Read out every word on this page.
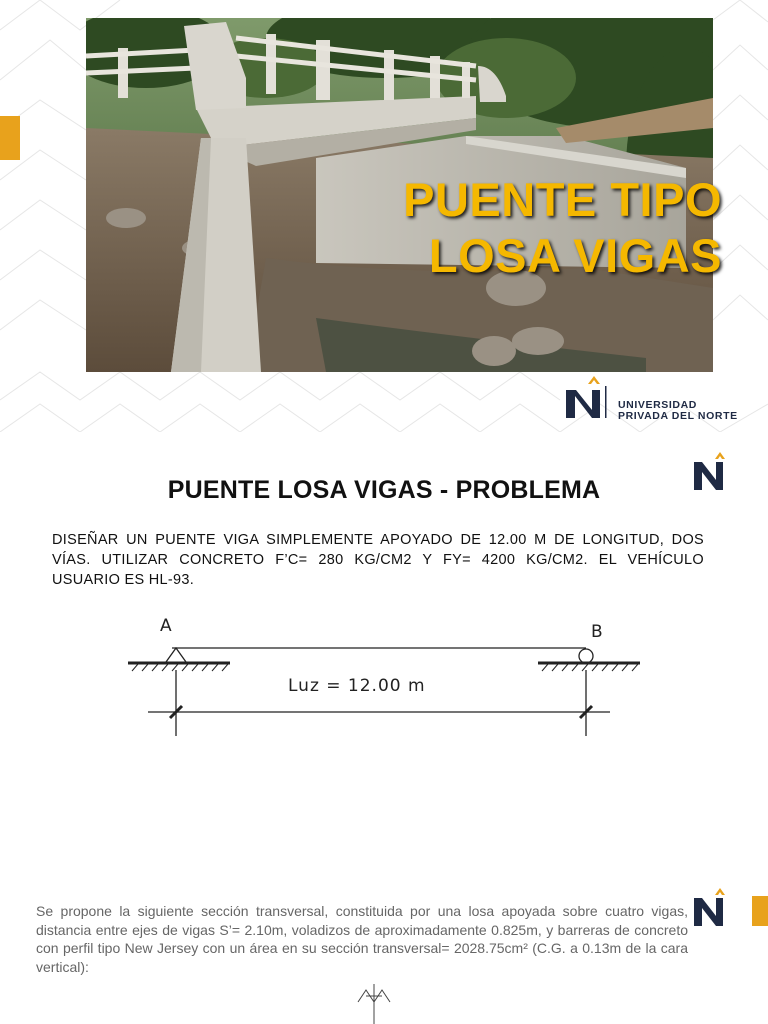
PUENTE TIPO
LOSA VIGAS
UNIVERSIDAD
PRIVADA DEL NORTE
PUENTE LOSA VIGAS - PROBLEMA
DISEÑAR UN PUENTE VIGA SIMPLEMENTE APOYADO DE 12.00 M DE LONGITUD, DOS VÍAS. UTILIZAR CONCRETO F’C= 280 KG/CM2 Y FY= 4200 KG/CM2. EL VEHÍCULO USUARIO ES HL-93.
A	B
Luz = 12.00 m
Se propone la siguiente sección transversal, constituida por una losa apoyada sobre cuatro vigas, distancia entre ejes de vigas S’= 2.10m, voladizos de aproximadamente 0.825m, y barreras de concreto con perfil tipo New Jersey con un área en su sección transversal= 2028.75cm² (C.G. a 0.13m de la cara vertical):
